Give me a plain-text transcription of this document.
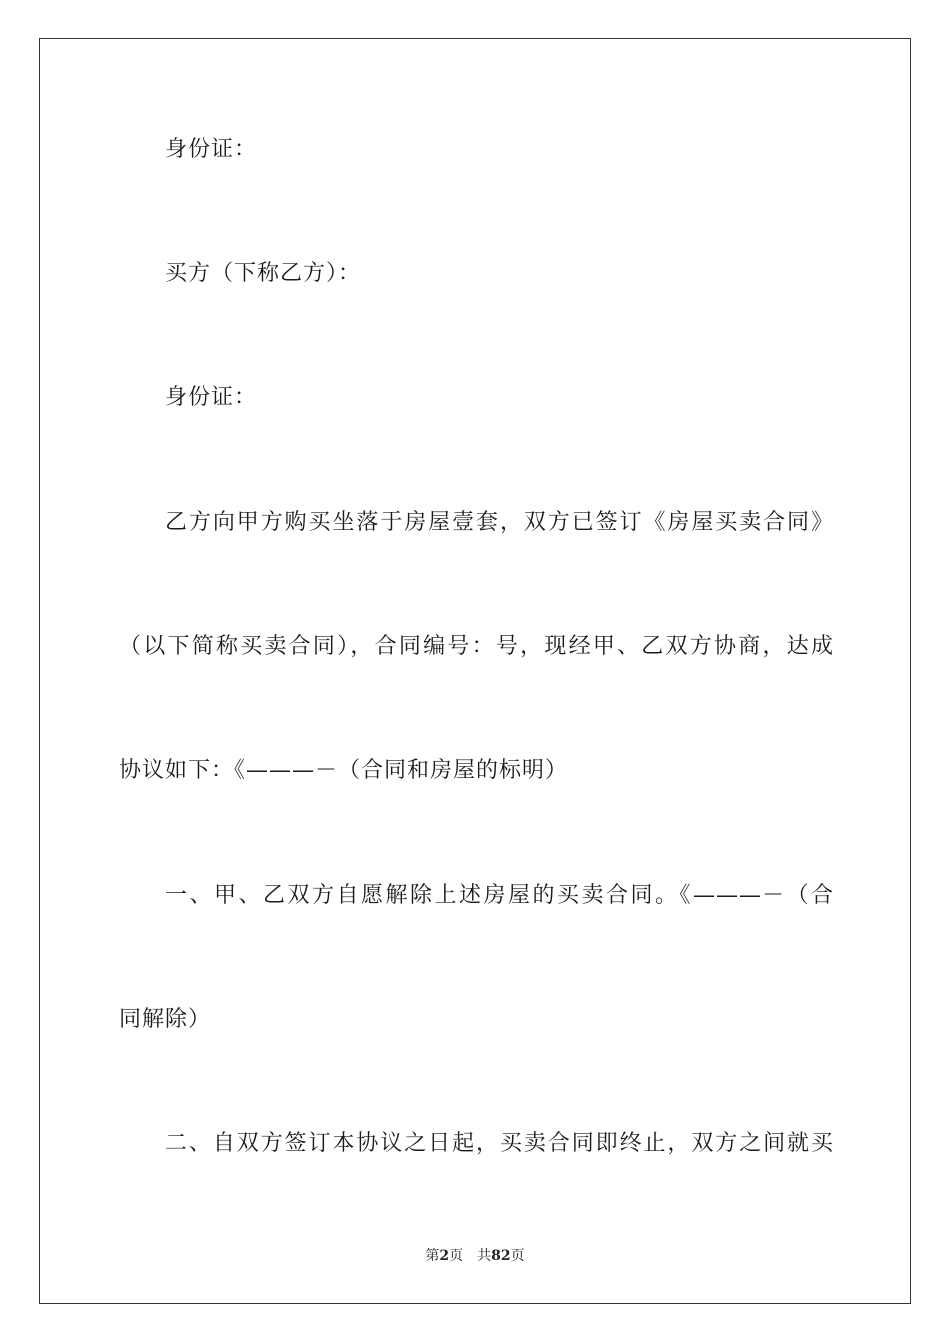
身份证：
买方（下称乙方）：
身份证：
乙方向甲方购买坐落于房屋壹套，双方已签订《房屋买卖合同》
（以下简称买卖合同），合同编号：号，现经甲、乙双方协商，达成
协议如下：《———－（合同和房屋的标明）
一、甲、乙双方自愿解除上述房屋的买卖合同。《———－（合
同解除）
二、自双方签订本协议之日起，买卖合同即终止，双方之间就买
第2页 共82页
